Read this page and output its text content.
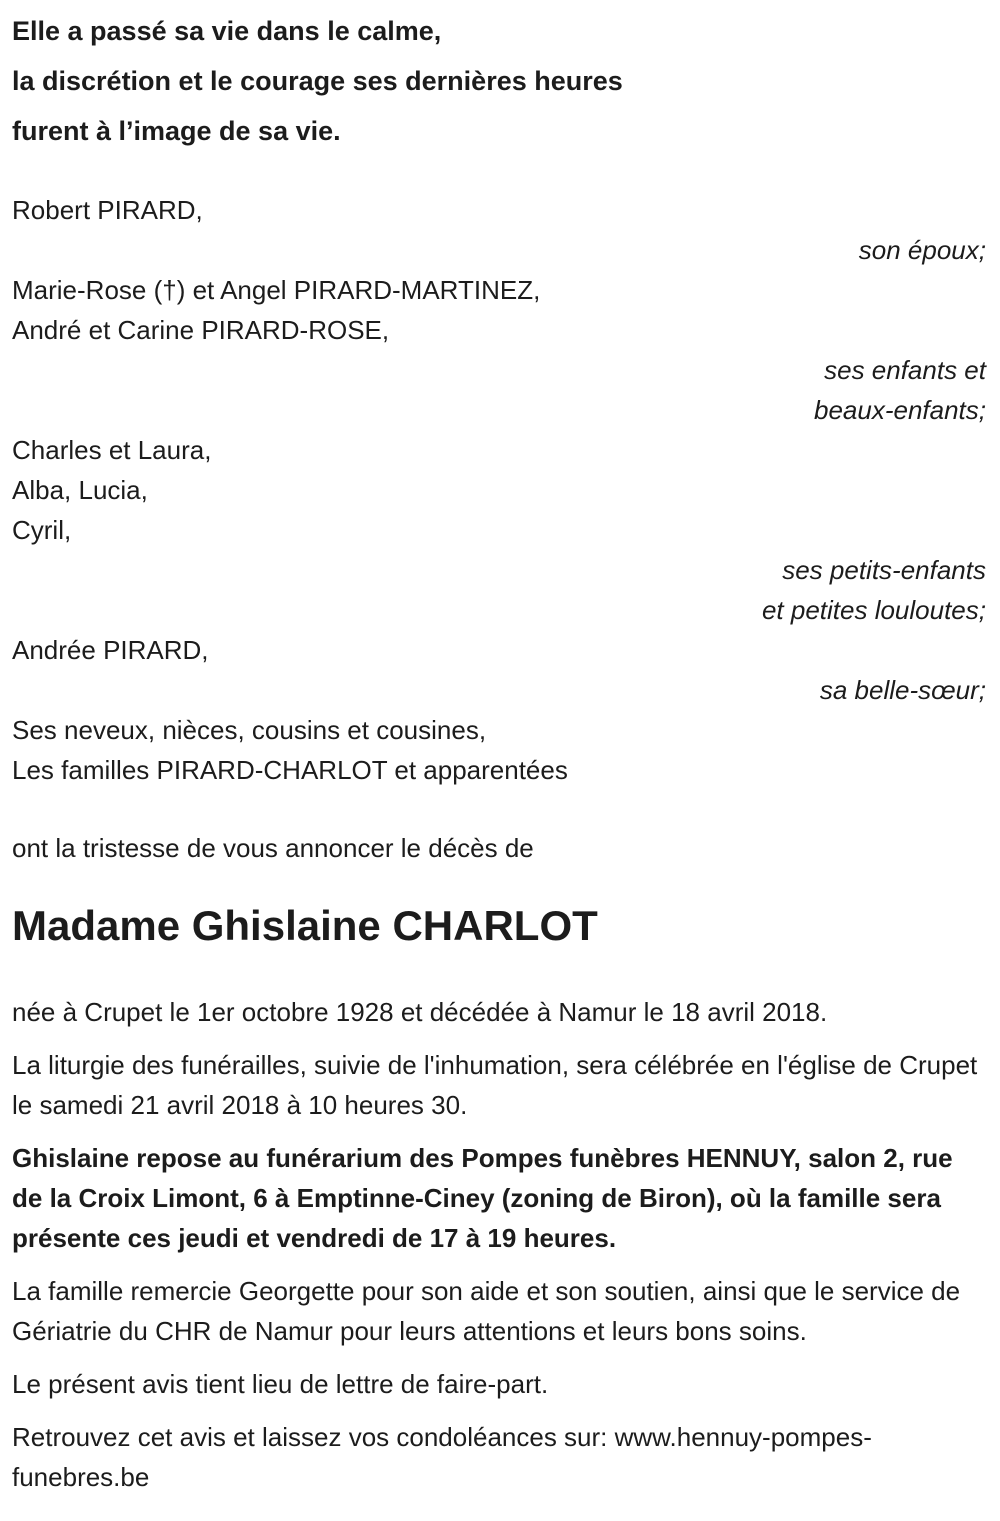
Elle a passé sa vie dans le calme,
la discrétion et le courage ses dernières heures
furent à l’image de sa vie.
Robert PIRARD,
son époux;
Marie-Rose (†) et Angel PIRARD-MARTINEZ,
André et Carine PIRARD-ROSE,
ses enfants et
beaux-enfants;
Charles et Laura,
Alba, Lucia,
Cyril,
ses petits-enfants
et petites louloutes;
Andrée PIRARD,
sa belle-sœur;
Ses neveux, nièces, cousins et cousines,
Les familles PIRARD-CHARLOT et apparentées
ont la tristesse de vous annoncer le décès de
Madame Ghislaine CHARLOT

née à Crupet le 1er octobre 1928 et décédée à Namur le 18 avril 2018.

La liturgie des funérailles, suivie de l'inhumation, sera célébrée en l'église de Crupet le samedi 21 avril 2018 à 10 heures 30.

Ghislaine repose au funérarium des Pompes funèbres HENNUY, salon 2, rue de la Croix Limont, 6 à Emptinne-Ciney (zoning de Biron), où la famille sera présente ces jeudi et vendredi de 17 à 19 heures.

La famille remercie Georgette pour son aide et son soutien, ainsi que le service de Gériatrie du CHR de Namur pour leurs attentions et leurs bons soins.

Le présent avis tient lieu de lettre de faire-part.

Retrouvez cet avis et laissez vos condoléances sur: www.hennuy-pompes-funebres.be
